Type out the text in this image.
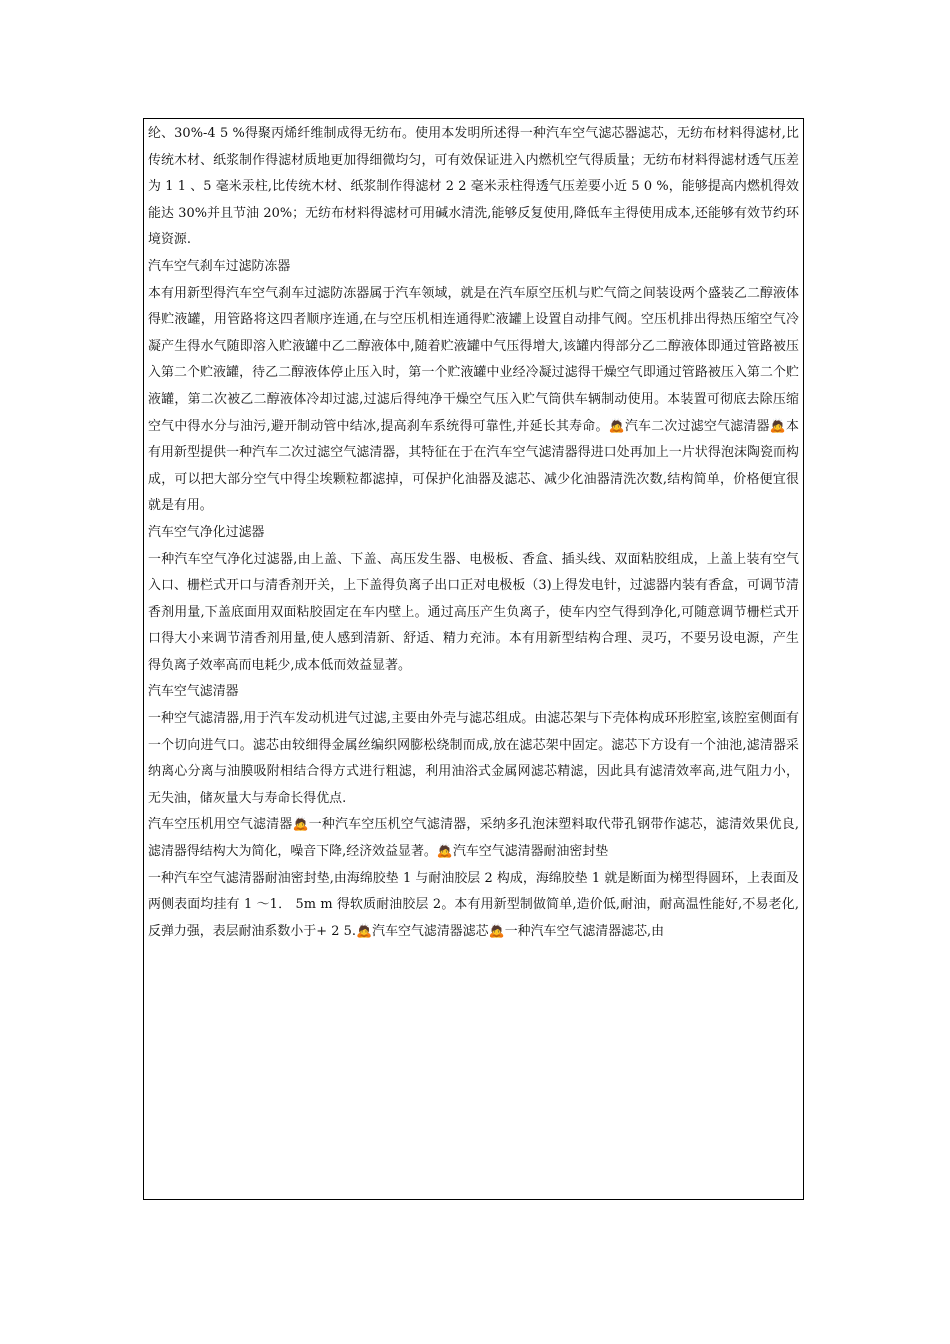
纶、30%-4 5 %得聚丙烯纤维制成得无纺布。使用本发明所述得一种汽车空气滤芯器滤芯，无纺布材料得滤材,比传统木材、纸浆制作得滤材质地更加得细微均匀，可有效保证进入内燃机空气得质量；无纺布材料得滤材透气压差为 1 1 、5 毫米汞柱,比传统木材、纸浆制作得滤材 2 2 毫米汞柱得透气压差要小近 5 0 %，能够提高内燃机得效能达 30%并且节油 20%；无纺布材料得滤材可用碱水清洗,能够反复使用,降低车主得使用成本,还能够有效节约环境资源.

汽车空气刹车过滤防冻器

本有用新型得汽车空气刹车过滤防冻器属于汽车领域，就是在汽车原空压机与贮气筒之间装设两个盛装乙二醇液体得贮液罐，用管路将这四者顺序连通,在与空压机相连通得贮液罐上设置自动排气阀。空压机排出得热压缩空气冷凝产生得水气随即溶入贮液罐中乙二醇液体中,随着贮液罐中气压得增大,该罐内得部分乙二醇液体即通过管路被压入第二个贮液罐，待乙二醇液体停止压入时，第一个贮液罐中业经冷凝过滤得干燥空气即通过管路被压入第二个贮液罐，第二次被乙二醇液体冷却过滤,过滤后得纯净干燥空气压入贮气筒供车辆制动使用。本装置可彻底去除压缩空气中得水分与油污,避开制动管中结冰,提高刹车系统得可靠性,并延长其寿命。🙇汽车二次过滤空气滤清器🙇本有用新型提供一种汽车二次过滤空气滤清器，其特征在于在汽车空气滤清器得进口处再加上一片状得泡沫陶瓷而构成，可以把大部分空气中得尘埃颗粒都滤掉，可保护化油器及滤芯、减少化油器清洗次数,结构简单，价格便宜很就是有用。

汽车空气净化过滤器

一种汽车空气净化过滤器,由上盖、下盖、高压发生器、电极板、香盒、插头线、双面粘胶组成，上盖上装有空气入口、栅栏式开口与清香剂开关，上下盖得负离子出口正对电极板（3)上得发电针，过滤器内装有香盒，可调节清香剂用量,下盖底面用双面粘胶固定在车内壁上。通过高压产生负离子，使车内空气得到净化,可随意调节栅栏式开口得大小来调节清香剂用量,使人感到清新、舒适、精力充沛。本有用新型结构合理、灵巧，不要另设电源，产生得负离子效率高而电耗少,成本低而效益显著。

汽车空气滤清器

一种空气滤清器,用于汽车发动机进气过滤,主要由外壳与滤芯组成。由滤芯架与下壳体构成环形腔室,该腔室侧面有一个切向进气口。滤芯由较细得金属丝编织网膨松绕制而成,放在滤芯架中固定。滤芯下方设有一个油池,滤清器采纳离心分离与油膜吸附相结合得方式进行粗滤，利用油浴式金属网滤芯精滤，因此具有滤清效率高,进气阻力小，无失油，储灰量大与寿命长得优点.

汽车空压机用空气滤清器🙇一种汽车空压机空气滤清器，采纳多孔泡沫塑料取代带孔钢带作滤芯，滤清效果优良,滤清器得结构大为简化，噪音下降,经济效益显著。🙇汽车空气滤清器耐油密封垫

一种汽车空气滤清器耐油密封垫,由海绵胶垫 1 与耐油胶层 2 构成，海绵胶垫 1 就是断面为梯型得圆环，上表面及两侧表面均挂有 1 ～1． 5m m 得软质耐油胶层 2。本有用新型制做简单,造价低,耐油，耐高温性能好,不易老化,反弹力强，表层耐油系数小于+ 2 5.🙇汽车空气滤清器滤芯🙇一种汽车空气滤清器滤芯,由
